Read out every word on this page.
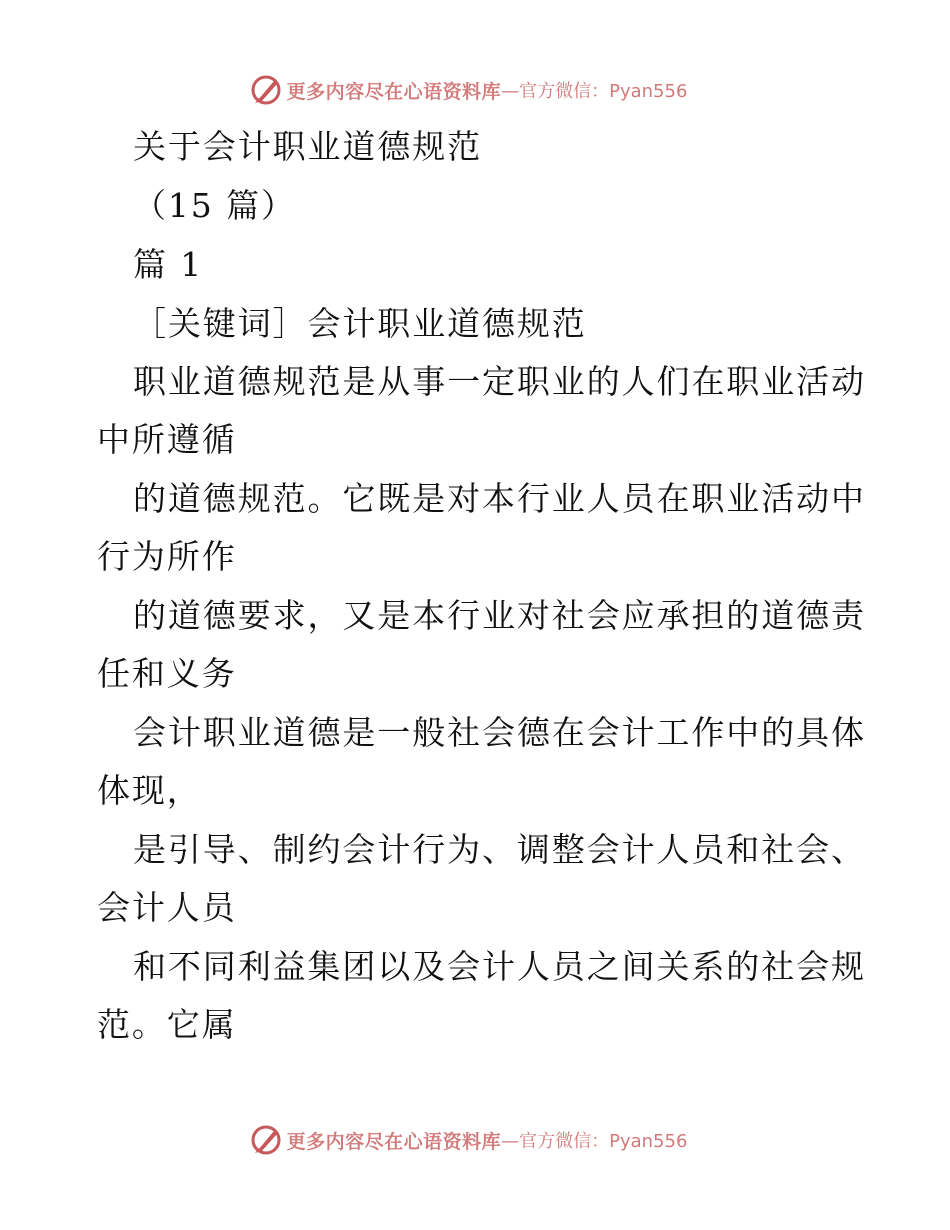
更多内容尽在心语资料库 —官方微信：Pyan556
关于会计职业道德规范
（15 篇）
篇 1
［关键词］会计职业道德规范
职业道德规范是从事一定职业的人们在职业活动
中所遵循
的道德规范。它既是对本行业人员在职业活动中
行为所作
的道德要求，又是本行业对社会应承担的道德责
任和义务
会计职业道德是一般社会德在会计工作中的具体
体现，
是引导、制约会计行为、调整会计人员和社会、
会计人员
和不同利益集团以及会计人员之间关系的社会规
范。它属
更多内容尽在心语资料库 —官方微信：Pyan556
